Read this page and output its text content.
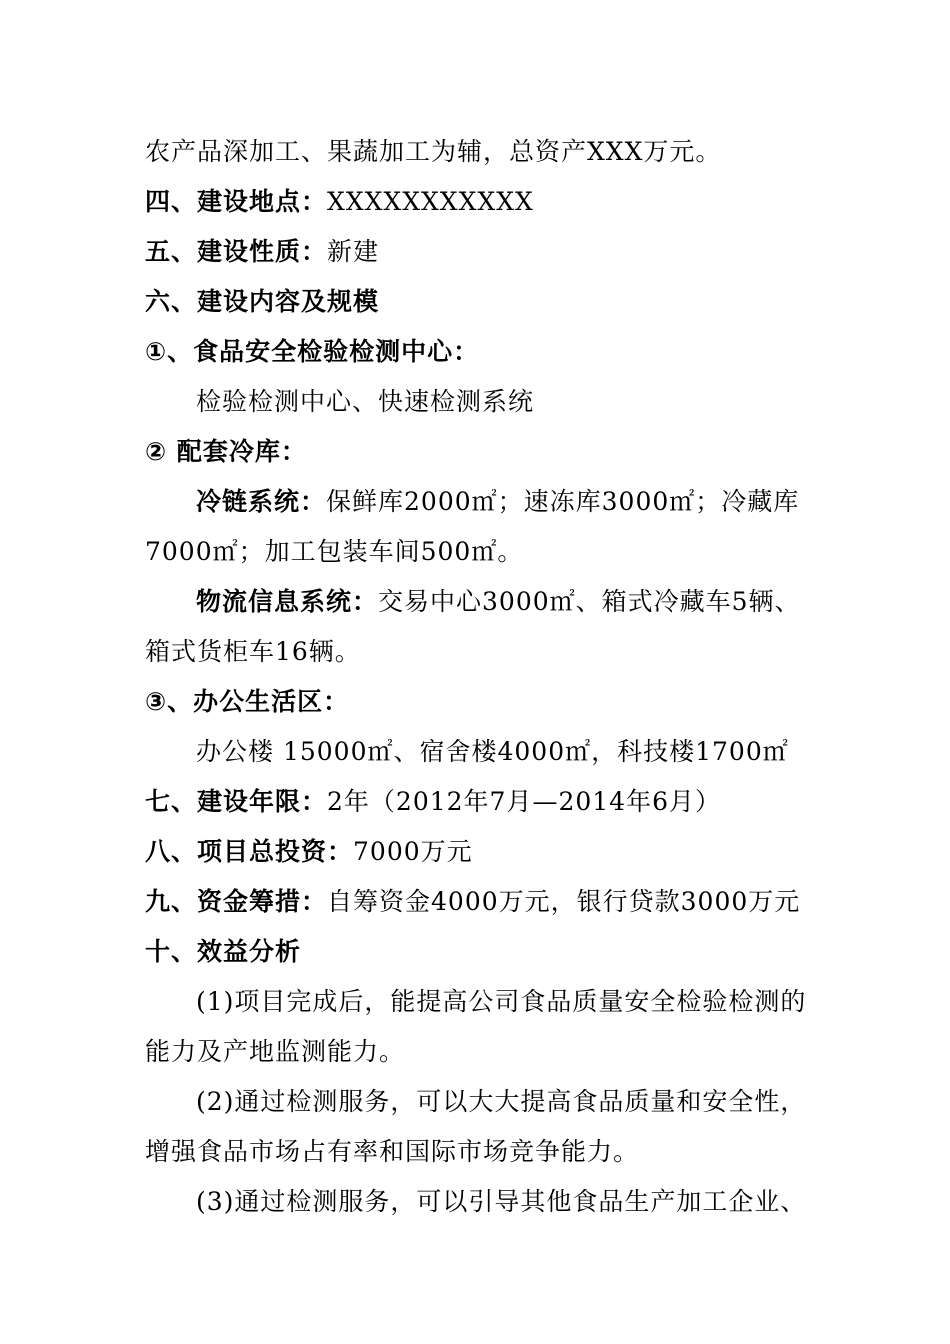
农产品深加工、果蔬加工为辅，总资产XXX万元。
四、建设地点：XXXXXXXXXXX
五、建设性质：新建
六、建设内容及规模
①、食品安全检验检测中心：
检验检测中心、快速检测系统
② 配套冷库：
冷链系统：保鲜库2000㎡；速冻库3000㎡；冷藏库
7000㎡；加工包装车间500㎡。
物流信息系统：交易中心3000㎡、箱式冷藏车5辆、
箱式货柜车16辆。
③、办公生活区：
办公楼 15000㎡、宿舍楼4000㎡，科技楼1700㎡
七、建设年限：2年（2012年7月—2014年6月）
八、项目总投资：7000万元
九、资金筹措：自筹资金4000万元，银行贷款3000万元
十、效益分析
(1)项目完成后，能提高公司食品质量安全检验检测的
能力及产地监测能力。
(2)通过检测服务，可以大大提高食品质量和安全性，
增强食品市场占有率和国际市场竞争能力。
(3)通过检测服务，可以引导其他食品生产加工企业、
